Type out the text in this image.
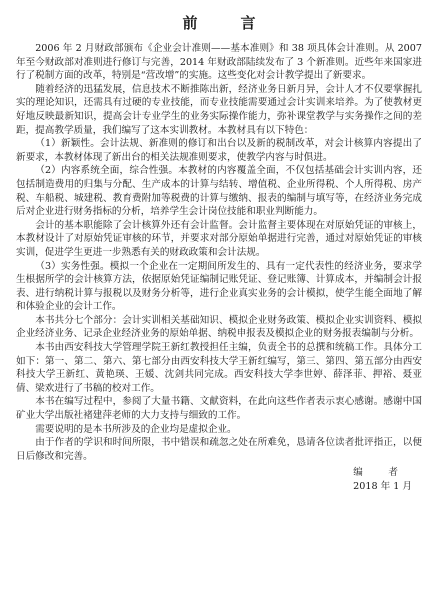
前　言

2006 年 2 月财政部颁布《企业会计准则——基本准则》和 38 项具体会计准则。从 2007 年至今财政部对准则进行修订与完善，2014 年财政部陆续发布了 3 个新准则。近些年来国家进行了税制方面的改革，特别是“营改增”的实施。这些变化对会计教学提出了新要求。

随着经济的迅猛发展，信息技术不断推陈出新，经济业务日新月异，会计人才不仅要掌握扎实的理论知识，还需具有过硬的专业技能，而专业技能需要通过会计实训来培养。为了使教材更好地反映最新知识，提高会计专业学生的业务实际操作能力，弥补课堂教学与实务操作之间的差距，提高教学质量，我们编写了这本实训教材。本教材具有以下特色：

（1）新颖性。会计法规、新准则的修订和出台以及新的税制改革，对会计核算内容提出了新要求，本教材体现了新出台的相关法规准则要求，使教学内容与时俱进。

（2）内容系统全面，综合性强。本教材的内容覆盖全面，不仅包括基础会计实训内容，还包括制造费用的归集与分配、生产成本的计算与结转、增值税、企业所得税、个人所得税、房产税、车船税、城建税、教育费附加等税费的计算与缴纳、报表的编制与填写等，在经济业务完成后对企业进行财务指标的分析，培养学生会计岗位技能和职业判断能力。

会计的基本职能除了会计核算外还有会计监督。会计监督主要体现在对原始凭证的审核上，本教材设计了对原始凭证审核的环节，并要求对部分原始单据进行完善，通过对原始凭证的审核实训，促进学生更进一步熟悉有关的财政政策和会计法规。

（3）实务性强。模拟一个企业在一定期间所发生的、具有一定代表性的经济业务，要求学生根据所学的会计核算方法，依据原始凭证编制记账凭证、登记账簿、计算成本，并编制会计报表、进行纳税计算与报税以及财务分析等，进行企业真实业务的会计模拟，使学生能全面地了解和体验企业的会计工作。

本书共分七个部分：会计实训相关基础知识、模拟企业财务政策、模拟企业实训资料、模拟企业经济业务、记录企业经济业务的原始单据、纳税申报表及模拟企业的财务报表编制与分析。

本书由西安科技大学管理学院王新红教授担任主编，负责全书的总撰和统稿工作。具体分工如下：第一、第二、第六、第七部分由西安科技大学王新红编写，第三、第四、第五部分由西安科技大学王新红、黄艳瑛、王媛、沈剑共同完成。西安科技大学李世婷、薛泽菲、押裕、聂亚倩、梁欢进行了书稿的校对工作。

本书在编写过程中，参阅了大量书籍、文献资料，在此向这些作者表示衷心感谢。感谢中国矿业大学出版社褚建萍老师的大力支持与细致的工作。

需要说明的是本书所涉及的企业均是虚拟企业。

由于作者的学识和时间所限，书中错误和疏忽之处在所难免，恳请各位读者批评指正，以便日后修改和完善。

编　者
2018 年 1 月
